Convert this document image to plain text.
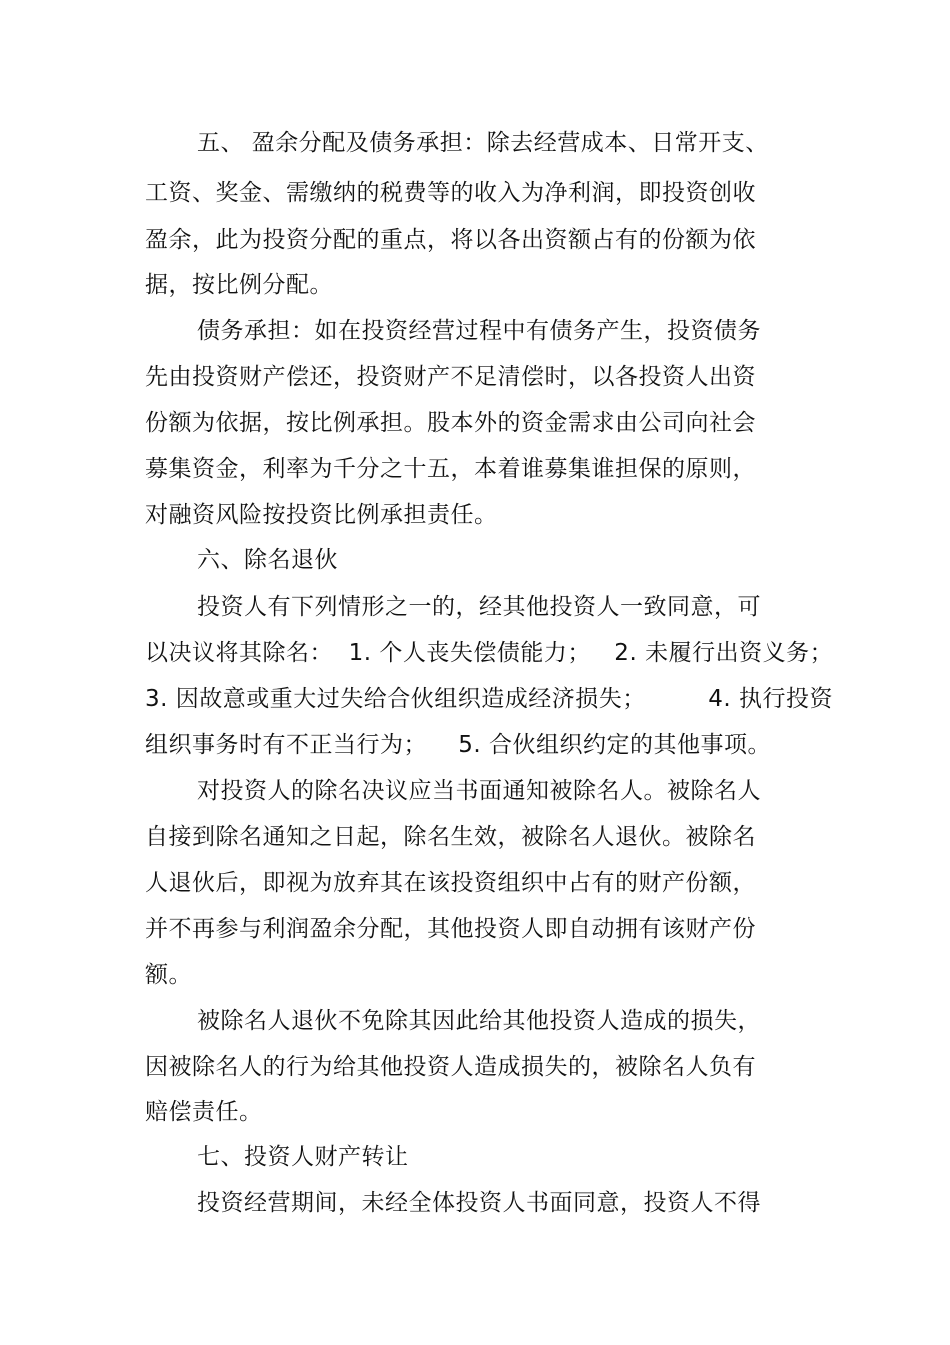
五、 盈余分配及债务承担：除去经营成本、日常开支、
工资、奖金、需缴纳的税费等的收入为净利润，即投资创收
盈余，此为投资分配的重点，将以各出资额占有的份额为依
据，按比例分配。
债务承担：如在投资经营过程中有债务产生，投资债务
先由投资财产偿还，投资财产不足清偿时，以各投资人出资
份额为依据，按比例承担。股本外的资金需求由公司向社会
募集资金，利率为千分之十五，本着谁募集谁担保的原则，
对融资风险按投资比例承担责任。
六、除名退伙
投资人有下列情形之一的，经其他投资人一致同意，可
以决议将其除名：  1. 个人丧失偿债能力；   2. 未履行出资义务；
3. 因故意或重大过失给合伙组织造成经济损失；        4. 执行投资
组织事务时有不正当行为；    5. 合伙组织约定的其他事项。
对投资人的除名决议应当书面通知被除名人。被除名人
自接到除名通知之日起，除名生效，被除名人退伙。被除名
人退伙后，即视为放弃其在该投资组织中占有的财产份额，
并不再参与利润盈余分配，其他投资人即自动拥有该财产份
额。
被除名人退伙不免除其因此给其他投资人造成的损失，
因被除名人的行为给其他投资人造成损失的，被除名人负有
赔偿责任。
七、投资人财产转让
投资经营期间，未经全体投资人书面同意，投资人不得
